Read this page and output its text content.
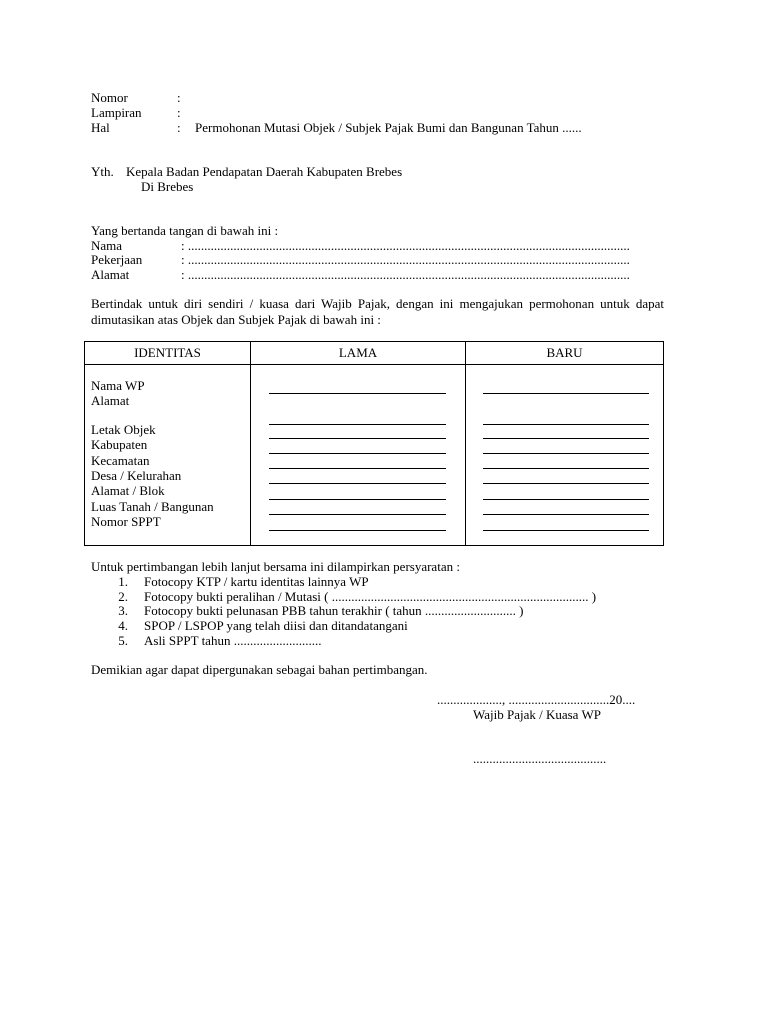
Nomor	:
Lampiran	:
Hal	: Permohonan Mutasi Objek / Subjek Pajak Bumi dan Bangunan Tahun ......
Yth. Kepala Badan Pendapatan Daerah Kabupaten Brebes
Di Brebes
Yang bertanda tangan di bawah ini :
Nama	: ........................................................................................................................................
Pekerjaan	: ........................................................................................................................................
Alamat	: ........................................................................................................................................
Bertindak untuk diri sendiri / kuasa dari Wajib Pajak, dengan ini mengajukan permohonan untuk dapat
dimutasikan atas Objek dan Subjek Pajak di bawah ini :
IDENTITAS	LAMA	BARU
Nama WP
Alamat
Letak Objek
Kabupaten
Kecamatan
Desa / Kelurahan
Alamat / Blok
Luas Tanah / Bangunan
Nomor SPPT
Untuk pertimbangan lebih lanjut bersama ini dilampirkan persyaratan :
1. Fotocopy KTP / kartu identitas lainnya WP
2. Fotocopy bukti peralihan / Mutasi ( ............................................................................... )
3. Fotocopy bukti pelunasan PBB tahun terakhir ( tahun ............................ )
4. SPOP / LSPOP yang telah diisi dan ditandatangani
5. Asli SPPT tahun ...........................
Demikian agar dapat dipergunakan sebagai bahan pertimbangan.
...................., ...............................20....
Wajib Pajak / Kuasa WP
.........................................
